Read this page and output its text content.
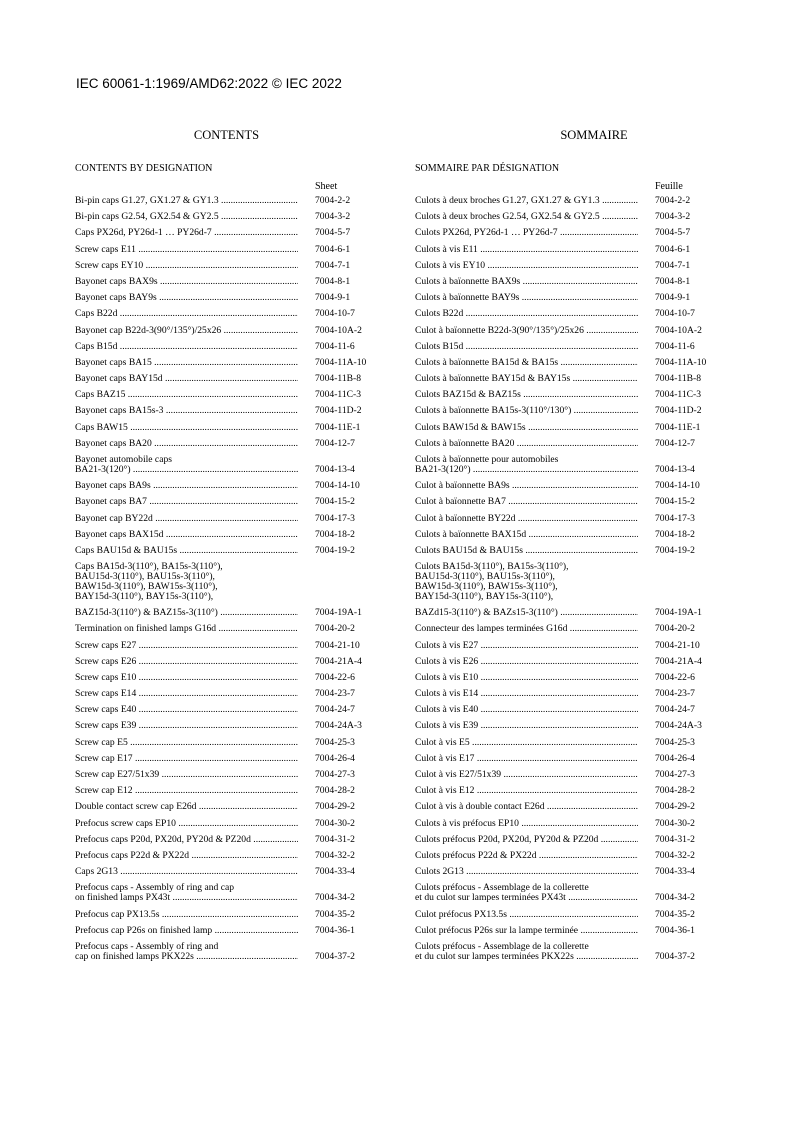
IEC 60061-1:1969/AMD62:2022 © IEC 2022
CONTENTS
CONTENTS BY DESIGNATION
Sheet
Bi-pin caps G1.27, GX1.27 & GY1.3 .....	7004-2-2
Bi-pin caps G2.54, GX2.54 & GY2.5 .....	7004-3-2
Caps PX26d, PY26d-1 … PY26d-7 .....	7004-5-7
Screw caps E11 .....	7004-6-1
Screw caps EY10 .....	7004-7-1
Bayonet caps BAX9s .....	7004-8-1
Bayonet caps BAY9s .....	7004-9-1
Caps B22d .....	7004-10-7
Bayonet cap B22d-3(90°/135°)/25x26 .....	7004-10A-2
Caps B15d .....	7004-11-6
Bayonet caps BA15 .....	7004-11A-10
Bayonet caps BAY15d .....	7004-11B-8
Caps BAZ15 .....	7004-11C-3
Bayonet caps BA15s-3 .....	7004-11D-2
Caps BAW15 .....	7004-11E-1
Bayonet caps BA20 .....	7004-12-7
Bayonet automobile caps
BA21-3(120°) .....	7004-13-4
Bayonet caps BA9s .....	7004-14-10
Bayonet caps BA7 .....	7004-15-2
Bayonet cap BY22d .....	7004-17-3
Bayonet caps BAX15d .....	7004-18-2
Caps BAU15d & BAU15s .....	7004-19-2
Caps BA15d-3(110°), BA15s-3(110°),
BAU15d-3(110°), BAU15s-3(110°),
BAW15d-3(110°), BAW15s-3(110°),
BAY15d-3(110°), BAY15s-3(110°),
BAZ15d-3(110°) & BAZ15s-3(110°) .....	7004-19A-1
Termination on finished lamps G16d .....	7004-20-2
Screw caps E27 .....	7004-21-10
Screw caps E26 .....	7004-21A-4
Screw caps E10 .....	7004-22-6
Screw caps E14 .....	7004-23-7
Screw caps E40 .....	7004-24-7
Screw caps E39 .....	7004-24A-3
Screw cap E5 .....	7004-25-3
Screw cap E17 .....	7004-26-4
Screw cap E27/51x39 .....	7004-27-3
Screw cap E12 .....	7004-28-2
Double contact screw cap E26d .....	7004-29-2
Prefocus screw caps EP10 .....	7004-30-2
Prefocus caps P20d, PX20d, PY20d & PZ20d .....	7004-31-2
Prefocus caps P22d & PX22d .....	7004-32-2
Caps 2G13 .....	7004-33-4
Prefocus caps - Assembly of ring and cap
on finished lamps PX43t .....	7004-34-2
Prefocus cap PX13.5s .....	7004-35-2
Prefocus cap P26s on finished lamp .....	7004-36-1
Prefocus caps - Assembly of ring and
cap on finished lamps PKX22s .....	7004-37-2
SOMMAIRE
SOMMAIRE PAR DÉSIGNATION
Feuille
Culots à deux broches G1.27, GX1.27 & GY1.3 .....	7004-2-2
Culots à deux broches G2.54, GX2.54 & GY2.5 .....	7004-3-2
Culots PX26d, PY26d-1 … PY26d-7 .....	7004-5-7
Culots à vis E11 .....	7004-6-1
Culots à vis EY10 .....	7004-7-1
Culots à baïonnette BAX9s .....	7004-8-1
Culots à baïonnette BAY9s .....	7004-9-1
Culots B22d .....	7004-10-7
Culot à baïonnette B22d-3(90°/135°)/25x26 .....	7004-10A-2
Culots B15d .....	7004-11-6
Culots à baïonnette BA15d & BA15s .....	7004-11A-10
Culots à baïonnette BAY15d & BAY15s .....	7004-11B-8
Culots BAZ15d & BAZ15s .....	7004-11C-3
Culots à baïonnette BA15s-3(110°/130°) .....	7004-11D-2
Culots BAW15d & BAW15s .....	7004-11E-1
Culots à baïonnette BA20 .....	7004-12-7
Culots à baïonnette pour automobiles
BA21-3(120°) .....	7004-13-4
Culot à baïonnette BA9s .....	7004-14-10
Culot à baïonnette BA7 .....	7004-15-2
Culot à baïonnette BY22d .....	7004-17-3
Culots à baïonnette BAX15d .....	7004-18-2
Culots BAU15d & BAU15s .....	7004-19-2
Culots BA15d-3(110°), BA15s-3(110°),
BAU15d-3(110°), BAU15s-3(110°),
BAW15d-3(110°), BAW15s-3(110°),
BAY15d-3(110°), BAY15s-3(110°),
BAZd15-3(110°) & BAZs15-3(110°) .....	7004-19A-1
Connecteur des lampes terminées G16d .....	7004-20-2
Culots à vis E27 .....	7004-21-10
Culots à vis E26 .....	7004-21A-4
Culots à vis E10 .....	7004-22-6
Culots à vis E14 .....	7004-23-7
Culots à vis E40 .....	7004-24-7
Culots à vis E39 .....	7004-24A-3
Culot à vis E5 .....	7004-25-3
Culot à vis E17 .....	7004-26-4
Culot à vis E27/51x39 .....	7004-27-3
Culot à vis E12 .....	7004-28-2
Culot à vis à double contact E26d .....	7004-29-2
Culots à vis préfocus EP10 .....	7004-30-2
Culots préfocus P20d, PX20d, PY20d & PZ20d .....	7004-31-2
Culots préfocus P22d & PX22d .....	7004-32-2
Culots 2G13 .....	7004-33-4
Culots préfocus - Assemblage de la collerette
et du culot sur lampes terminées PX43t .....	7004-34-2
Culot préfocus PX13.5s .....	7004-35-2
Culot préfocus P26s sur la lampe terminée .....	7004-36-1
Culots préfocus - Assemblage de la collerette
et du culot sur lampes terminées PKX22s .....	7004-37-2
